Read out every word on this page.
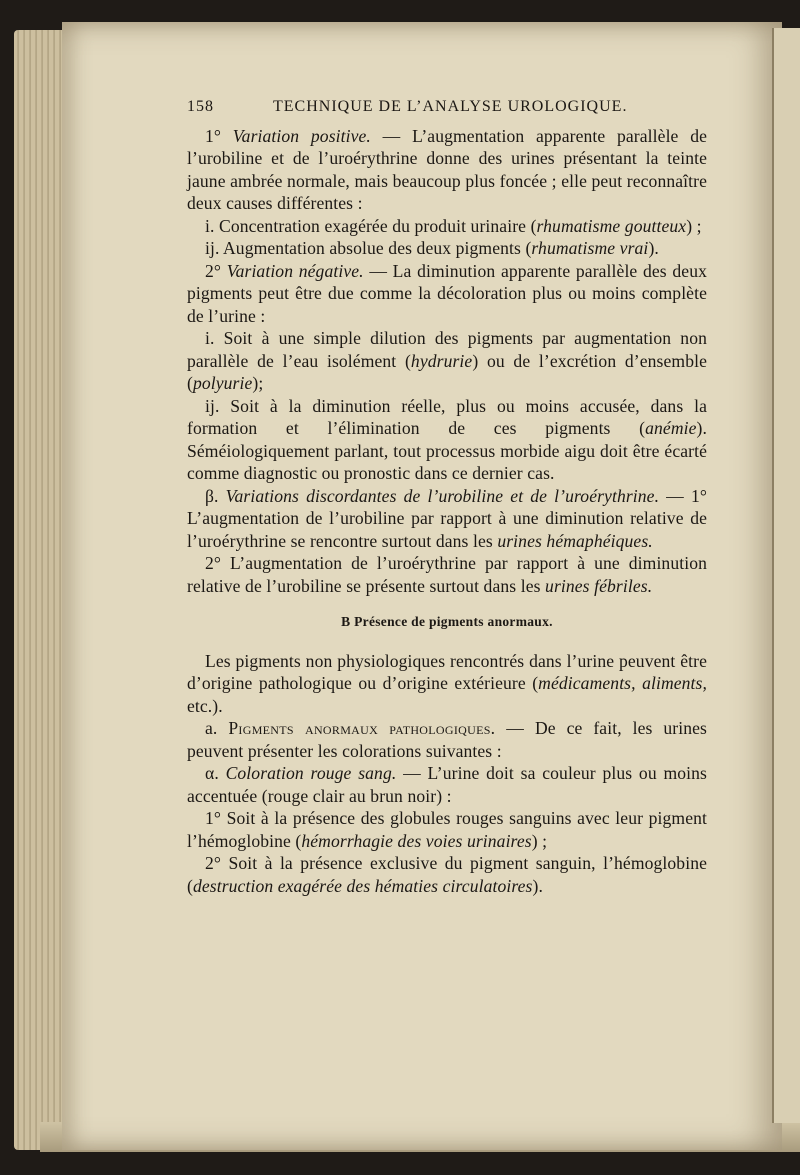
158	TECHNIQUE DE L’ANALYSE UROLOGIQUE.

1° Variation positive. — L’augmentation apparente parallèle de l’urobiline et de l’uroérythrine donne des urines présentant la teinte jaune ambrée normale, mais beaucoup plus foncée ; elle peut reconnaître deux causes différentes :

i. Concentration exagérée du produit urinaire (rhumatisme goutteux) ;

ij. Augmentation absolue des deux pigments (rhumatisme vrai).

2° Variation négative. — La diminution apparente parallèle des deux pigments peut être due comme la décoloration plus ou moins complète de l’urine :

i. Soit à une simple dilution des pigments par augmentation non parallèle de l’eau isolément (hydrurie) ou de l’excrétion d’ensemble (polyurie);

ij. Soit à la diminution réelle, plus ou moins accusée, dans la formation et l’élimination de ces pigments (anémie). Séméiologiquement parlant, tout processus morbide aigu doit être écarté comme diagnostic ou pronostic dans ce dernier cas.

β. Variations discordantes de l’urobiline et de l’uroérythrine. — 1° L’augmentation de l’urobiline par rapport à une diminution relative de l’uroérythrine se rencontre surtout dans les urines hémaphéiques.

2° L’augmentation de l’uroérythrine par rapport à une diminution relative de l’urobiline se présente surtout dans les urines fébriles.

B Présence de pigments anormaux.

Les pigments non physiologiques rencontrés dans l’urine peuvent être d’origine pathologique ou d’origine extérieure (médicaments, aliments, etc.).

a. Pigments anormaux pathologiques. — De ce fait, les urines peuvent présenter les colorations suivantes :

α. Coloration rouge sang. — L’urine doit sa couleur plus ou moins accentuée (rouge clair au brun noir) :

1° Soit à la présence des globules rouges sanguins avec leur pigment l’hémoglobine (hémorrhagie des voies urinaires) ;

2° Soit à la présence exclusive du pigment sanguin, l’hémoglobine (destruction exagérée des hématies circulatoires).
